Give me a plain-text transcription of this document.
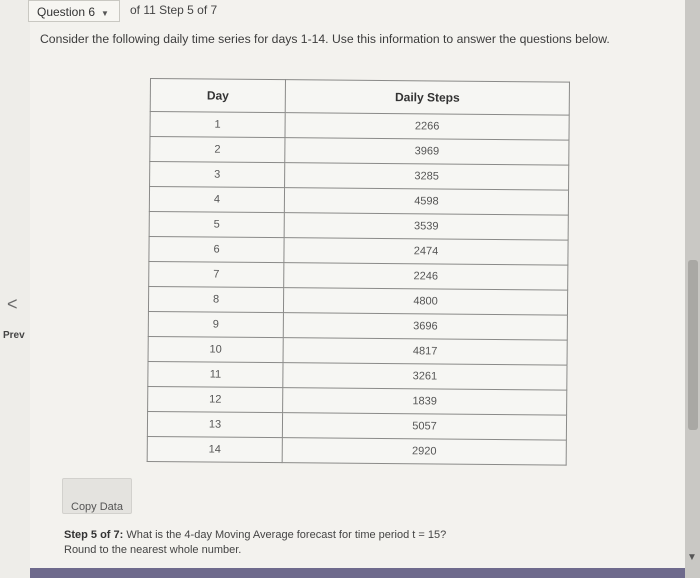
▼
Question 6 ▼	of 11 Step 5 of 7
Consider the following daily time series for days 1-14. Use this information to answer the questions below.
<
Prev
Day	Daily Steps
1	2266
2	3969
3	3285
4	4598
5	3539
6	2474
7	2246
8	4800
9	3696
10	4817
11	3261
12	1839
13	5057
14	2920
Copy Data
Step 5 of 7: What is the 4-day Moving Average forecast for time period t = 15?
Round to the nearest whole number.
